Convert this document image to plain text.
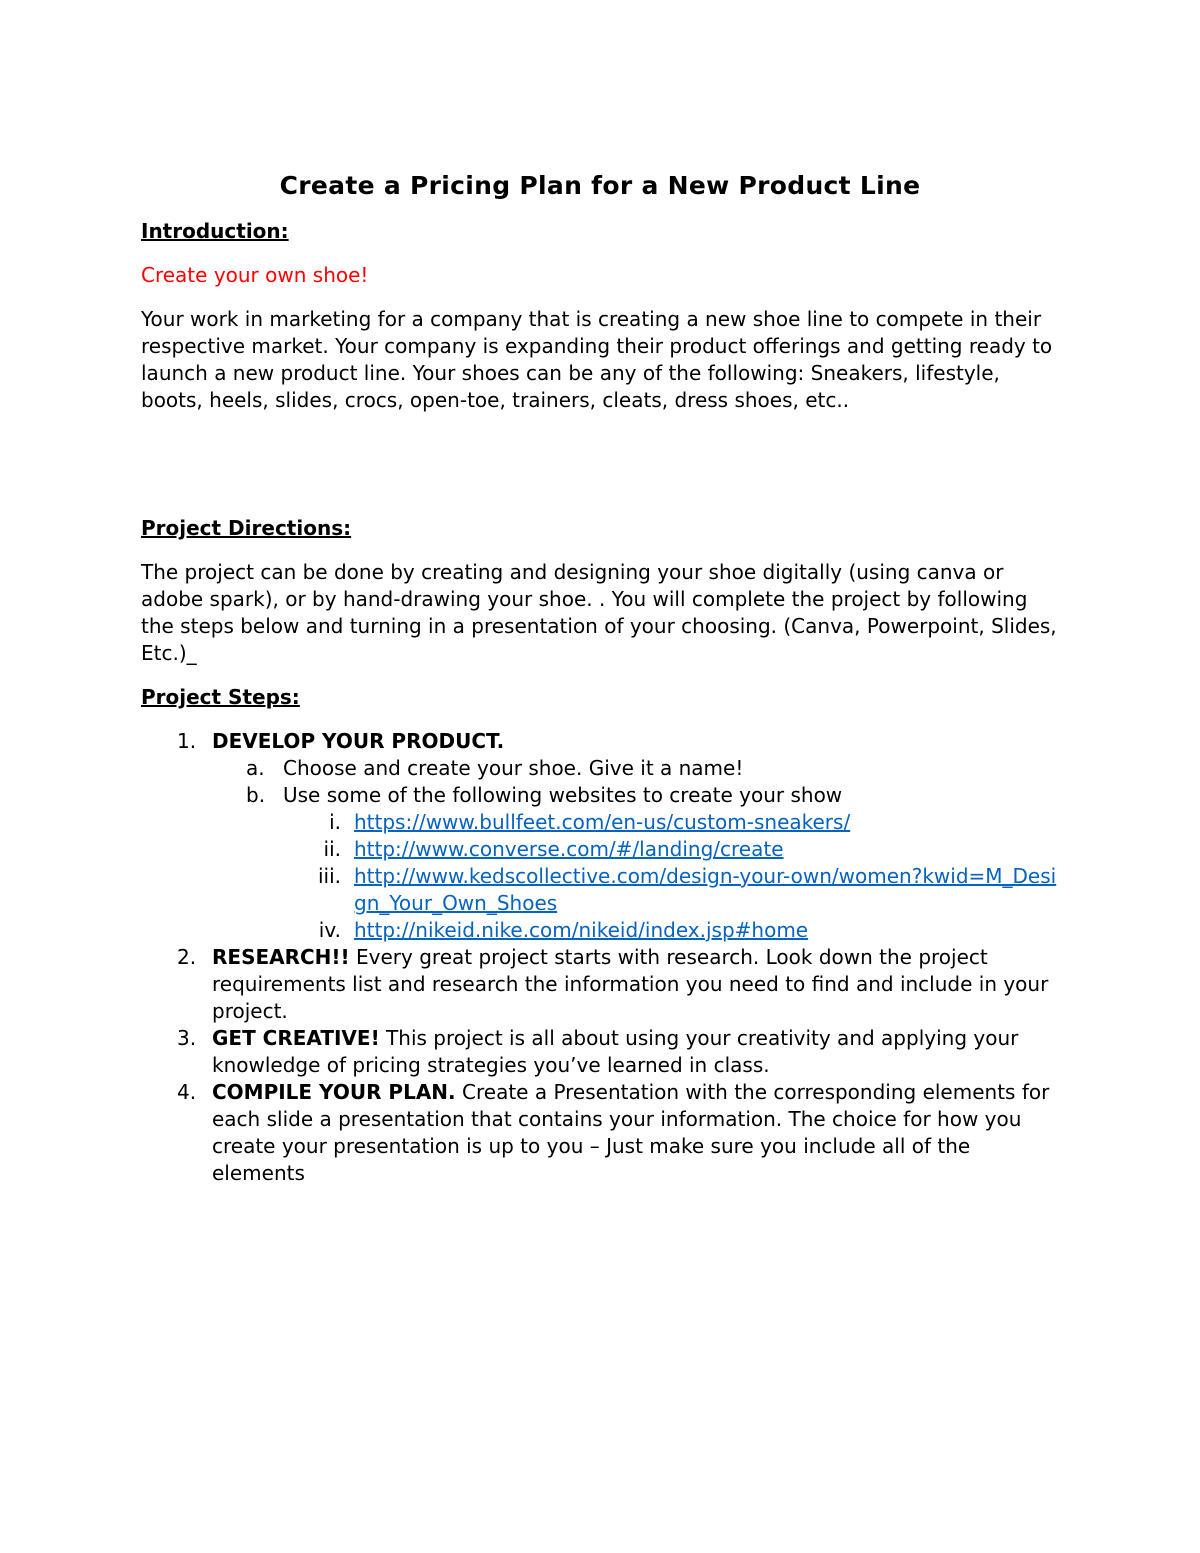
Create a Pricing Plan for a New Product Line

Introduction:

Create your own shoe!

Your work in marketing for a company that is creating a new shoe line to compete in their respective market. Your company is expanding their product offerings and getting ready to launch a new product line. Your shoes can be any of the following: Sneakers, lifestyle, boots, heels, slides, crocs, open-toe, trainers, cleats, dress shoes, etc..

Project Directions:

The project can be done by creating and designing your shoe digitally (using canva or adobe spark), or by hand-drawing your shoe. . You will complete the project by following the steps below and turning in a presentation of your choosing. (Canva, Powerpoint, Slides, Etc.)_

Project Steps:

1. DEVELOP YOUR PRODUCT.
a. Choose and create your shoe. Give it a name!
b. Use some of the following websites to create your show
i. https://www.bullfeet.com/en-us/custom-sneakers/
ii. http://www.converse.com/#/landing/create
iii. http://www.kedscollective.com/design-your-own/women?kwid=M_Design_Your_Own_Shoes
iv. http://nikeid.nike.com/nikeid/index.jsp#home
2. RESEARCH!! Every great project starts with research. Look down the project requirements list and research the information you need to find and include in your project.
3. GET CREATIVE! This project is all about using your creativity and applying your knowledge of pricing strategies you’ve learned in class.
4. COMPILE YOUR PLAN. Create a Presentation with the corresponding elements for each slide a presentation that contains your information. The choice for how you create your presentation is up to you – Just make sure you include all of the elements
